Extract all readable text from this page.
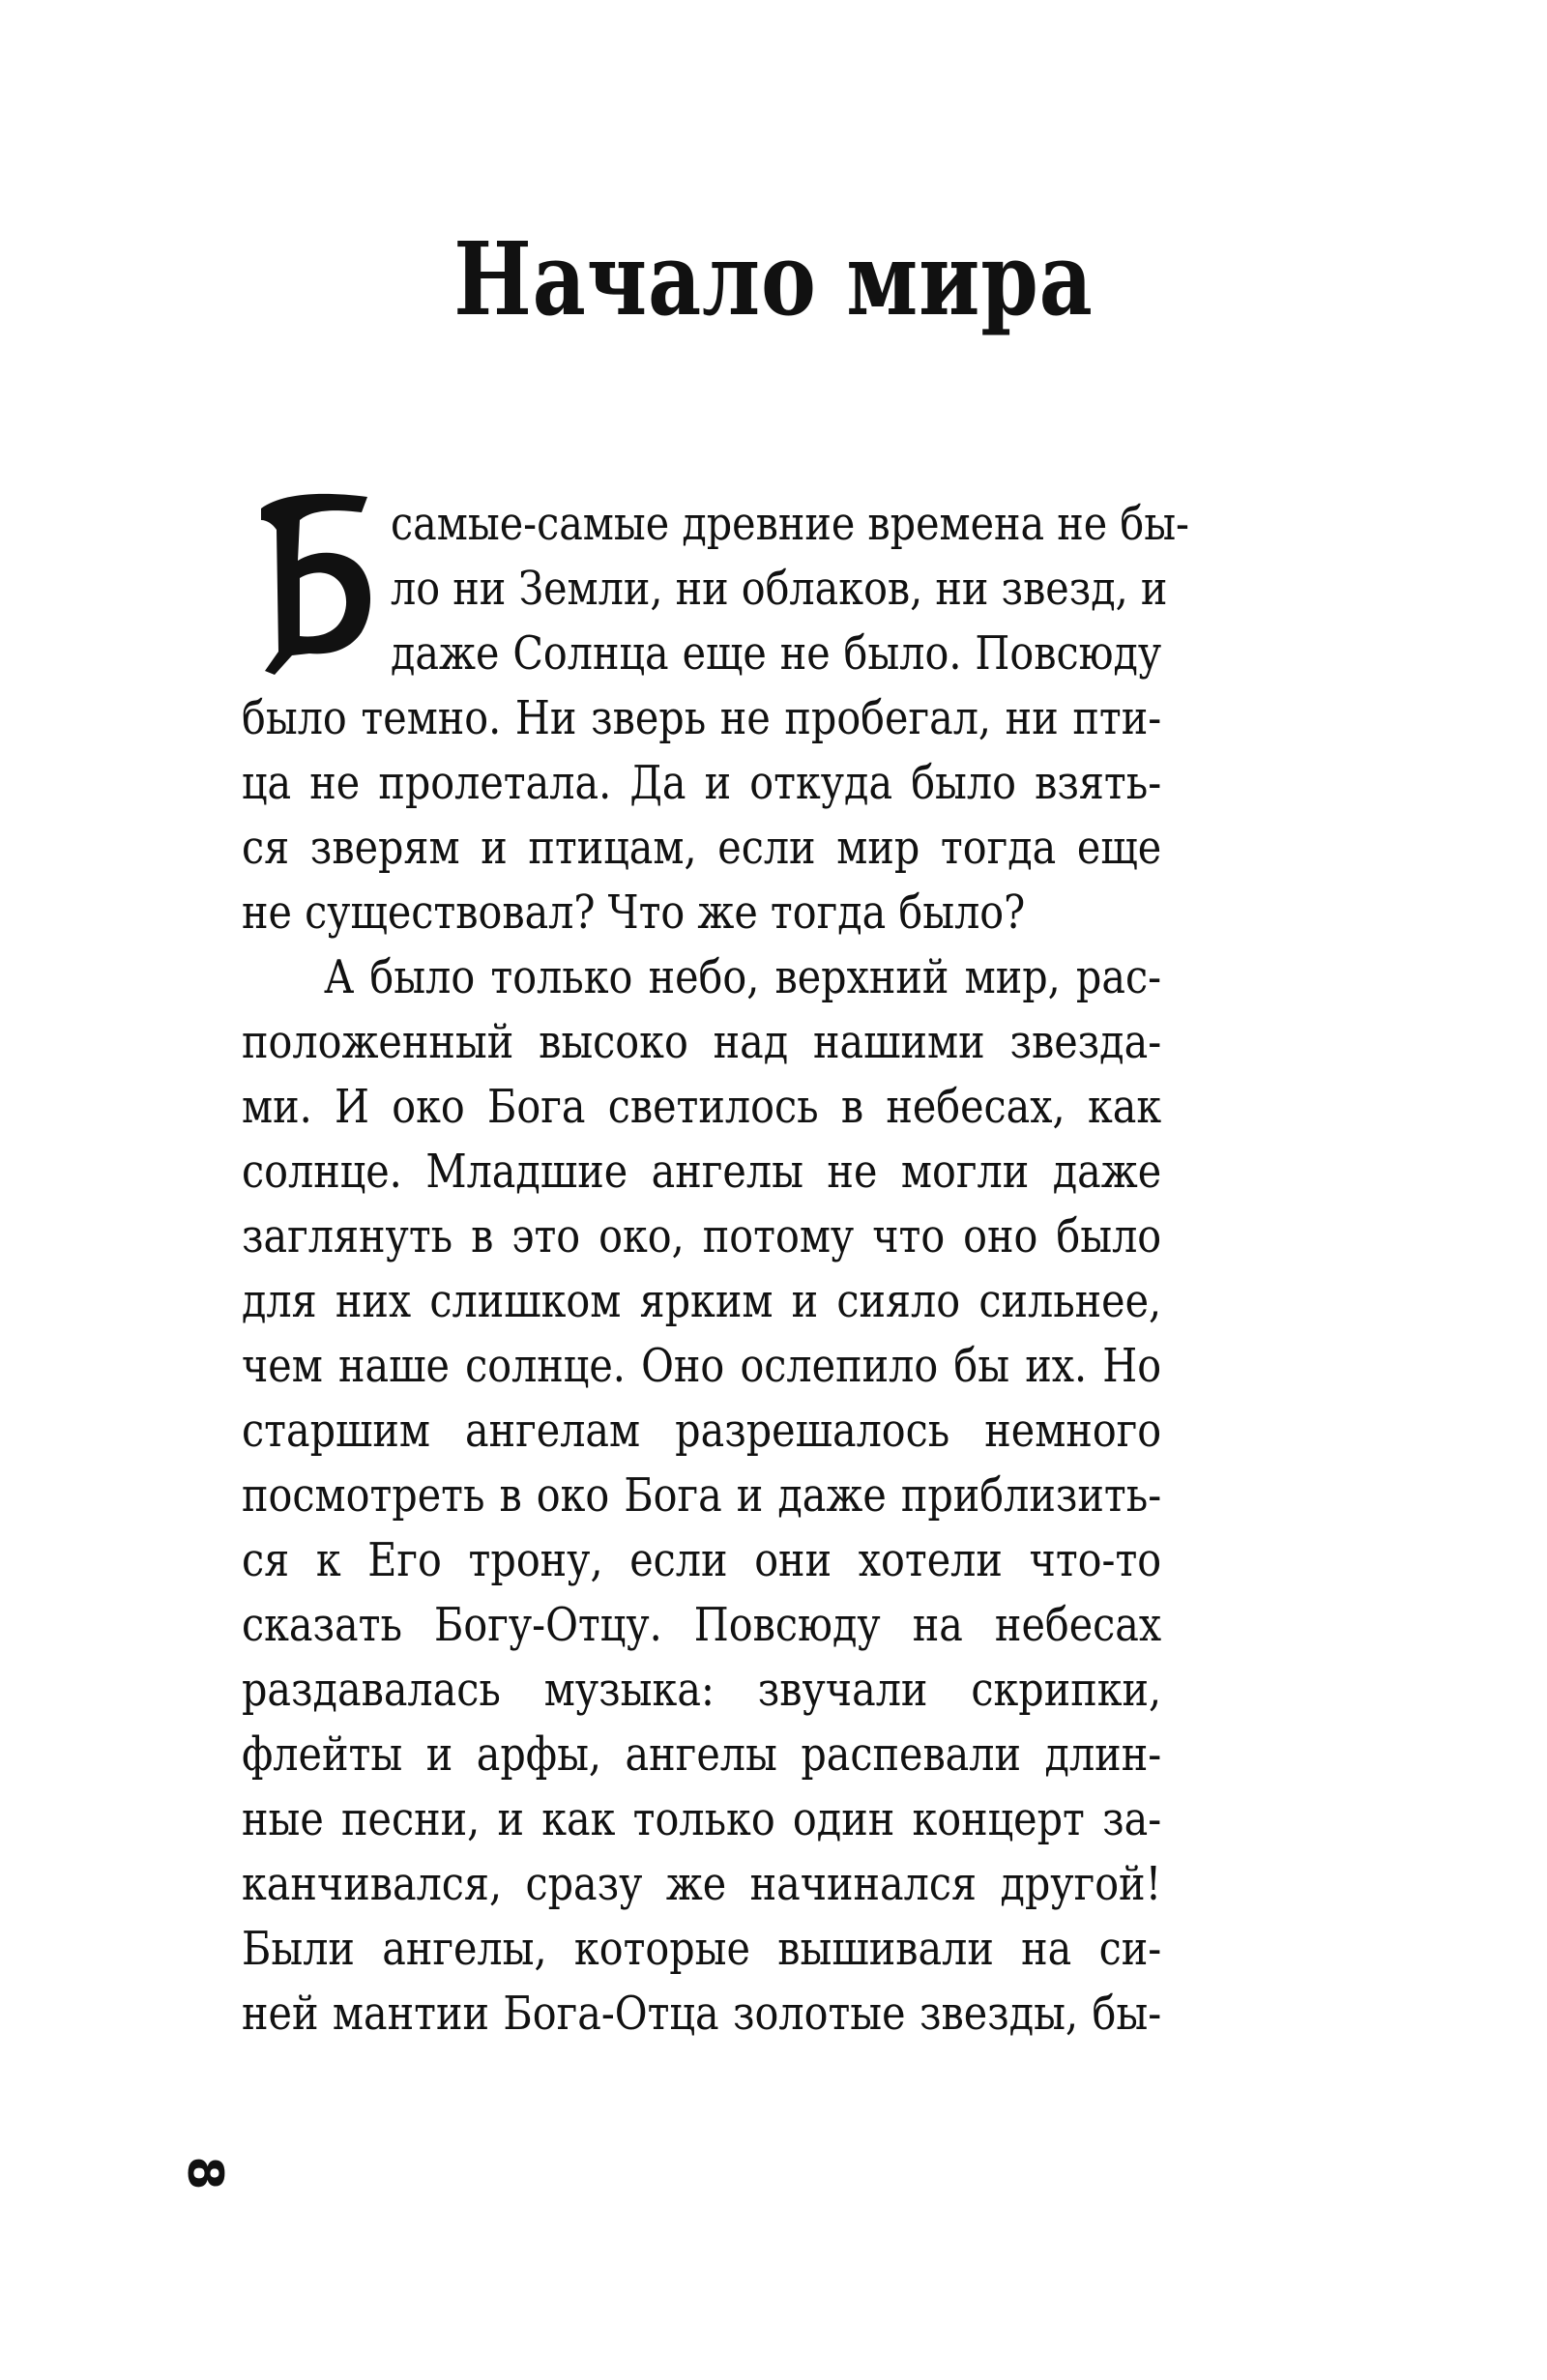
Начало мира
самые-самые древние времена не бы-
ло ни Земли, ни облаков, ни звезд, и
даже Солнца еще не было. Повсюду
было темно. Ни зверь не пробегал, ни пти-
ца не пролетала. Да и откуда было взять-
ся зверям и птицам, если мир тогда еще
не существовал? Что же тогда было?
А было только небо, верхний мир, рас-
положенный высоко над нашими звезда-
ми. И око Бога светилось в небесах, как
солнце. Младшие ангелы не могли даже
заглянуть в это око, потому что оно было
для них слишком ярким и сияло сильнее,
чем наше солнце. Оно ослепило бы их. Но
старшим ангелам разрешалось немного
посмотреть в око Бога и даже приблизить-
ся к Его трону, если они хотели что-то
сказать Богу-Отцу. Повсюду на небесах
раздавалась музыка: звучали скрипки,
флейты и арфы, ангелы распевали длин-
ные песни, и как только один концерт за-
канчивался, сразу же начинался другой!
Были ангелы, которые вышивали на си-
ней мантии Бога-Отца золотые звезды, бы-
8
